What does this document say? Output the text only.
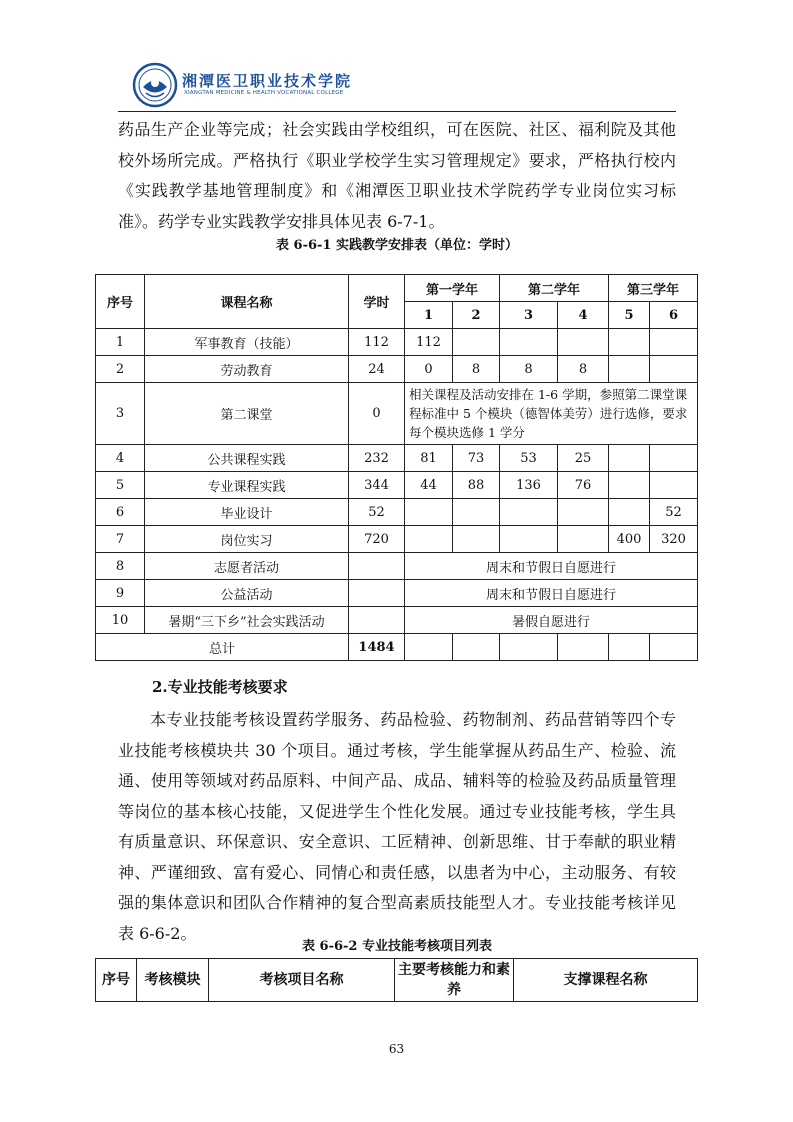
湘潭医卫职业技术学院
XIANGTAN MEDICINE & HEALTH VOCATIONAL COLLEGE

药品生产企业等完成；社会实践由学校组织，可在医院、社区、福利院及其他校外场所完成。严格执行《职业学校学生实习管理规定》要求，严格执行校内《实践教学基地管理制度》和《湘潭医卫职业技术学院药学专业岗位实习标准》。药学专业实践教学安排具体见表 6-7-1。

表 6-6-1 实践教学安排表（单位：学时）

序号	课程名称	学时	第一学年		第二学年		第三学年	
			1	2	3	4	5	6
1	军事教育（技能）	112	112					
2	劳动教育	24	0	8	8	8		
3	第二课堂	0	相关课程及活动安排在 1-6 学期，参照第二课堂课程标准中 5 个模块（德智体美劳）进行选修，要求每个模块选修 1 学分					
4	公共课程实践	232	81	73	53	25		
5	专业课程实践	344	44	88	136	76		
6	毕业设计	52						52
7	岗位实习	720					400	320
8	志愿者活动		周末和节假日自愿进行					
9	公益活动		周末和节假日自愿进行					
10	暑期“三下乡”社会实践活动		暑假自愿进行					
总计		1484						

2.专业技能考核要求

本专业技能考核设置药学服务、药品检验、药物制剂、药品营销等四个专业技能考核模块共 30 个项目。通过考核，学生能掌握从药品生产、检验、流通、使用等领域对药品原料、中间产品、成品、辅料等的检验及药品质量管理等岗位的基本核心技能，又促进学生个性化发展。通过专业技能考核，学生具有质量意识、环保意识、安全意识、工匠精神、创新思维、甘于奉献的职业精神、严谨细致、富有爱心、同情心和责任感，以患者为中心，主动服务、有较强的集体意识和团队合作精神的复合型高素质技能型人才。专业技能考核详见表 6-6-2。

表 6-6-2 专业技能考核项目列表

序号	考核模块	考核项目名称	主要考核能力和素养	支撑课程名称
63
